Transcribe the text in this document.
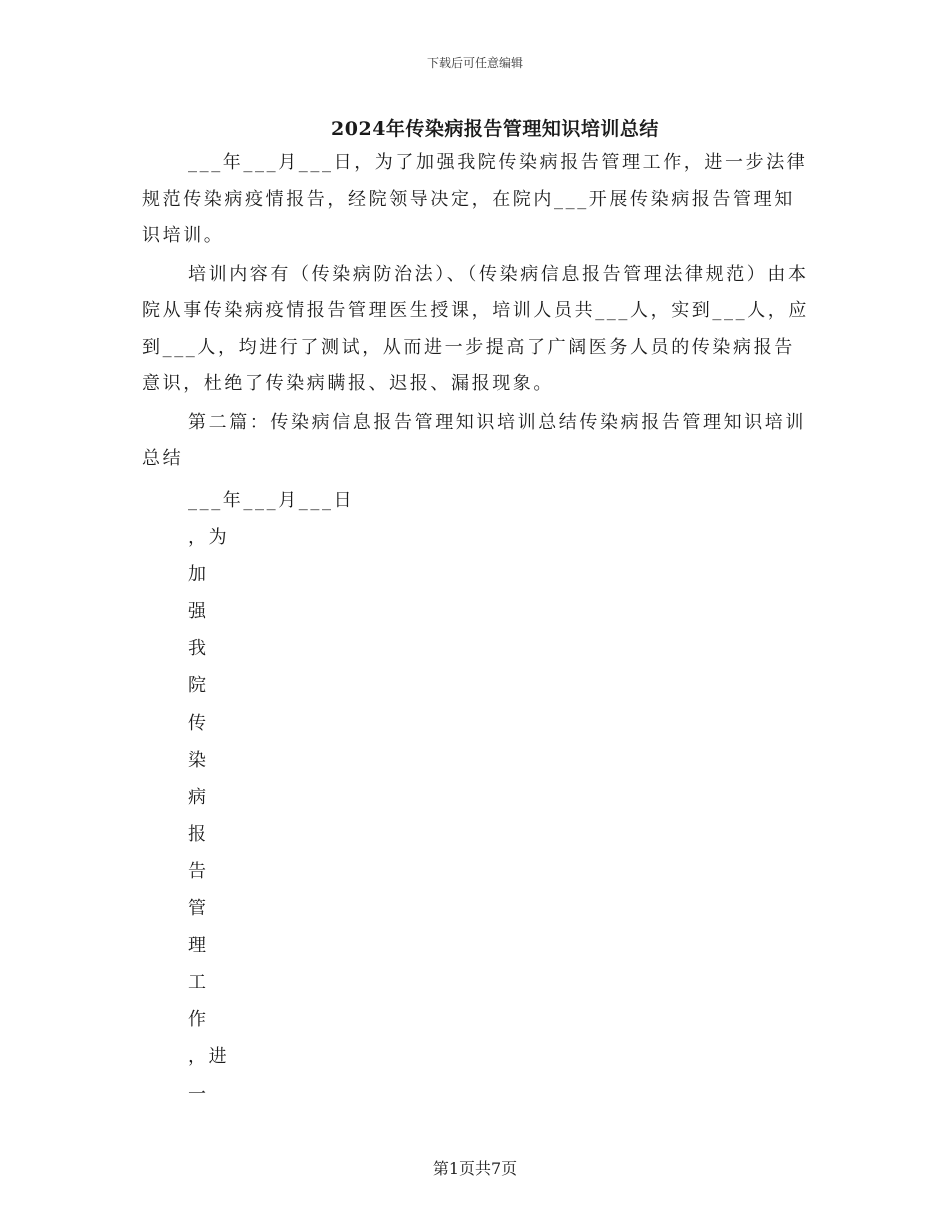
下载后可任意编辑
2024年传染病报告管理知识培训总结

___年___月___日，为了加强我院传染病报告管理工作，进一步法律规范传染病疫情报告，经院领导决定，在院内___开展传染病报告管理知识培训。

培训内容有（传染病防治法）、（传染病信息报告管理法律规范）由本院从事传染病疫情报告管理医生授课，培训人员共___人，实到___人，应到___人，均进行了测试，从而进一步提高了广阔医务人员的传染病报告意识，杜绝了传染病瞒报、迟报、漏报现象。

第二篇：传染病信息报告管理知识培训总结传染病报告管理知识培训总结

___年___月___日
，为
加
强
我
院
传
染
病
报
告
管
理
工
作
，进
一
第1页共7页
